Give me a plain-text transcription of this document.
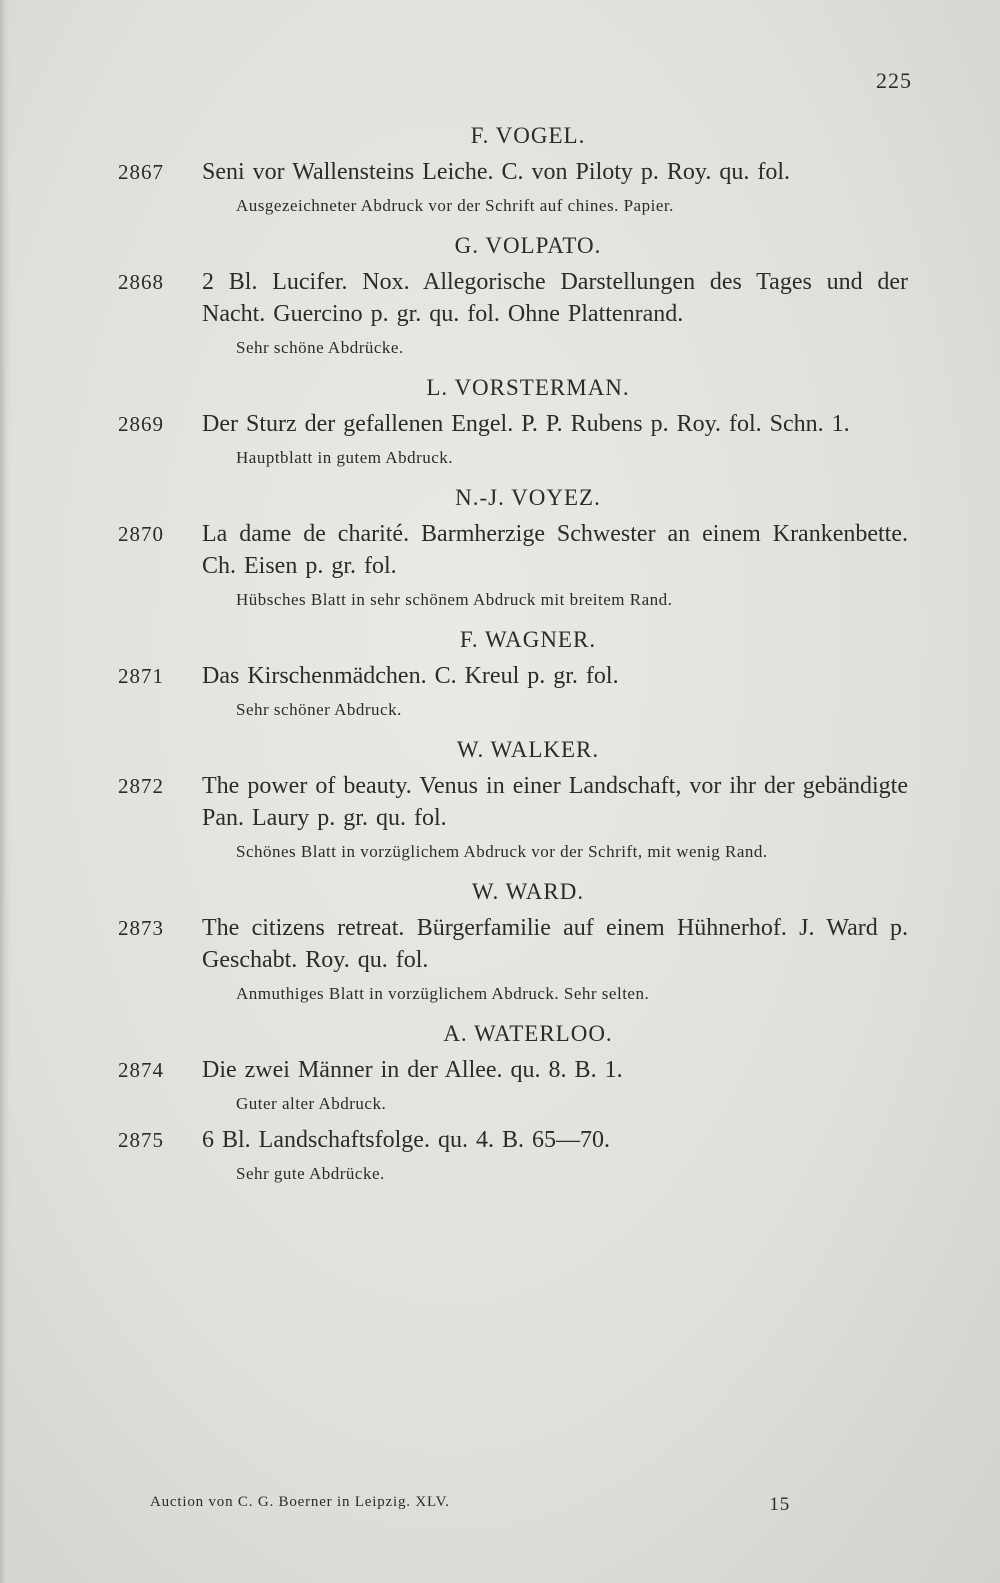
225
F. VOGEL.
2867	Seni vor Wallensteins Leiche. C. von Piloty p. Roy. qu. fol.
Ausgezeichneter Abdruck vor der Schrift auf chines. Papier.
G. VOLPATO.
2868	2 Bl. Lucifer. Nox. Allegorische Darstellungen des Tages und der Nacht. Guercino p. gr. qu. fol. Ohne Plattenrand.
Sehr schöne Abdrücke.
L. VORSTERMAN.
2869	Der Sturz der gefallenen Engel. P. P. Rubens p. Roy. fol. Schn. 1.
Hauptblatt in gutem Abdruck.
N.-J. VOYEZ.
2870	La dame de charité. Barmherzige Schwester an einem Krankenbette. Ch. Eisen p. gr. fol.
Hübsches Blatt in sehr schönem Abdruck mit breitem Rand.
F. WAGNER.
2871	Das Kirschenmädchen. C. Kreul p. gr. fol.
Sehr schöner Abdruck.
W. WALKER.
2872	The power of beauty. Venus in einer Landschaft, vor ihr der gebändigte Pan. Laury p. gr. qu. fol.
Schönes Blatt in vorzüglichem Abdruck vor der Schrift, mit wenig Rand.
W. WARD.
2873	The citizens retreat. Bürgerfamilie auf einem Hühnerhof. J. Ward p. Geschabt. Roy. qu. fol.
Anmuthiges Blatt in vorzüglichem Abdruck. Sehr selten.
A. WATERLOO.
2874	Die zwei Männer in der Allee. qu. 8. B. 1.
Guter alter Abdruck.
2875	6 Bl. Landschaftsfolge. qu. 4. B. 65—70.
Sehr gute Abdrücke.
Auction von C. G. Boerner in Leipzig. XLV.	15
